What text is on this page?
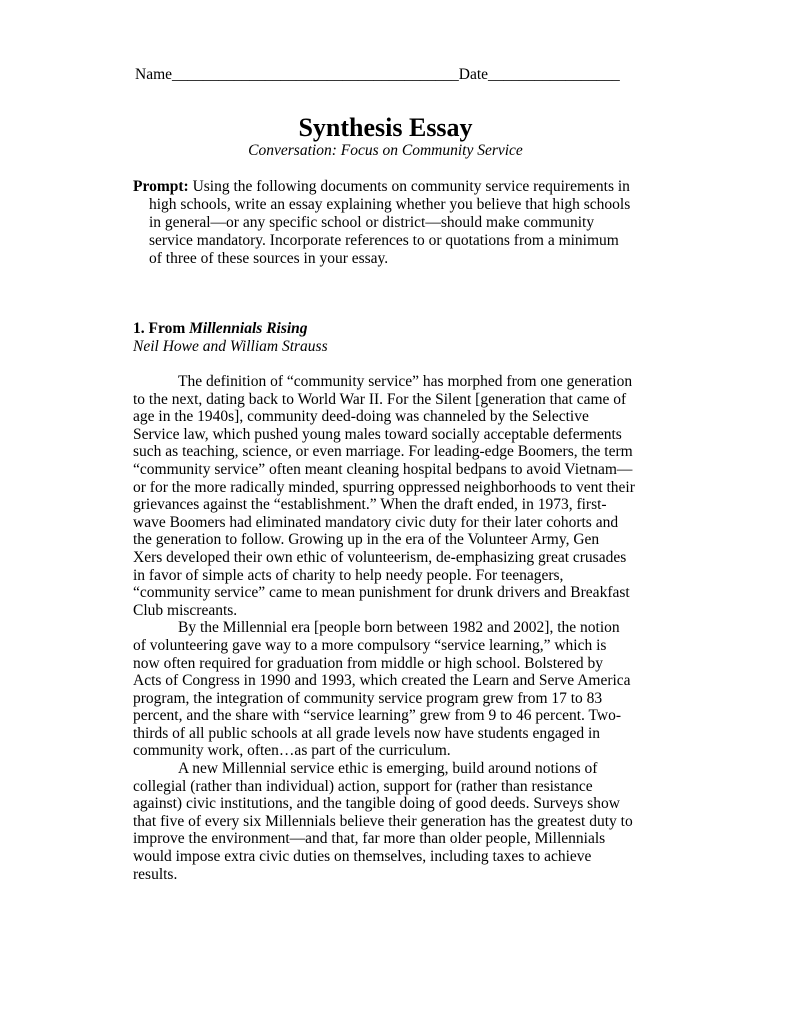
Name_____________________________________Date_________________
Synthesis Essay
Conversation: Focus on Community Service
Prompt: Using the following documents on community service requirements in
high schools, write an essay explaining whether you believe that high schools
in general—or any specific school or district—should make community
service mandatory. Incorporate references to or quotations from a minimum
of three of these sources in your essay.
1. From Millennials Rising
Neil Howe and William Strauss
The definition of “community service” has morphed from one generation
to the next, dating back to World War II. For the Silent [generation that came of
age in the 1940s], community deed-doing was channeled by the Selective
Service law, which pushed young males toward socially acceptable deferments
such as teaching, science, or even marriage. For leading-edge Boomers, the term
“community service” often meant cleaning hospital bedpans to avoid Vietnam—
or for the more radically minded, spurring oppressed neighborhoods to vent their
grievances against the “establishment.” When the draft ended, in 1973, first-
wave Boomers had eliminated mandatory civic duty for their later cohorts and
the generation to follow. Growing up in the era of the Volunteer Army, Gen
Xers developed their own ethic of volunteerism, de-emphasizing great crusades
in favor of simple acts of charity to help needy people. For teenagers,
“community service” came to mean punishment for drunk drivers and Breakfast
Club miscreants.
By the Millennial era [people born between 1982 and 2002], the notion
of volunteering gave way to a more compulsory “service learning,” which is
now often required for graduation from middle or high school. Bolstered by
Acts of Congress in 1990 and 1993, which created the Learn and Serve America
program, the integration of community service program grew from 17 to 83
percent, and the share with “service learning” grew from 9 to 46 percent. Two-
thirds of all public schools at all grade levels now have students engaged in
community work, often…as part of the curriculum.
A new Millennial service ethic is emerging, build around notions of
collegial (rather than individual) action, support for (rather than resistance
against) civic institutions, and the tangible doing of good deeds. Surveys show
that five of every six Millennials believe their generation has the greatest duty to
improve the environment—and that, far more than older people, Millennials
would impose extra civic duties on themselves, including taxes to achieve
results.
